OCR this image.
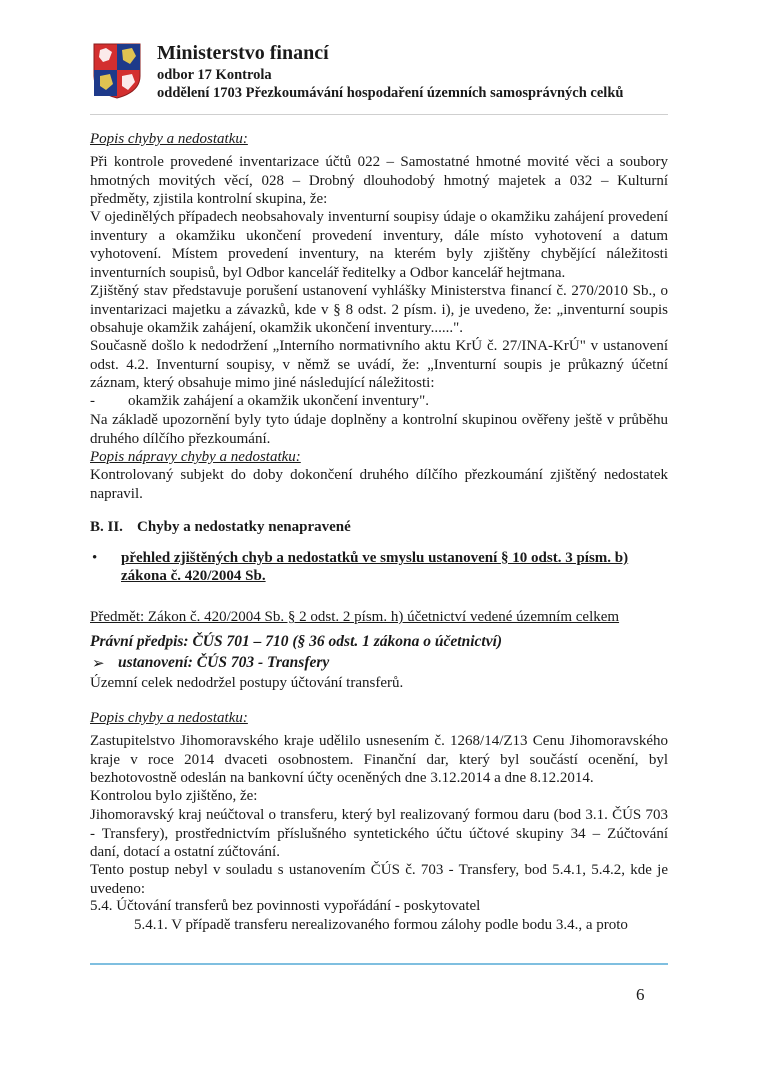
Ministerstvo financí
odbor 17 Kontrola
oddělení 1703 Přezkoumávání hospodaření územních samosprávných celků
Popis chyby a nedostatku:
Při kontrole provedené inventarizace účtů 022 – Samostatné hmotné movité věci a soubory hmotných movitých věcí, 028 – Drobný dlouhodobý hmotný majetek a 032 – Kulturní předměty, zjistila kontrolní skupina, že:
V ojedinělých případech neobsahovaly inventurní soupisy údaje o okamžiku zahájení provedení inventury a okamžiku ukončení provedení inventury, dále místo vyhotovení a datum vyhotovení. Místem provedení inventury, na kterém byly zjištěny chybějící náležitosti inventurních soupisů, byl Odbor kancelář ředitelky a Odbor kancelář hejtmana.
Zjištěný stav představuje porušení ustanovení vyhlášky Ministerstva financí č. 270/2010 Sb., o inventarizaci majetku a závazků, kde v § 8 odst. 2 písm. i), je uvedeno, že: „inventurní soupis obsahuje okamžik zahájení, okamžik ukončení inventury......".
Současně došlo k nedodržení „Interního normativního aktu KrÚ č. 27/INA-KrÚ" v ustanovení odst. 4.2. Inventurní soupisy, v němž se uvádí, že: „Inventurní soupis je průkazný účetní záznam, který obsahuje mimo jiné následující náležitosti:
- okamžik zahájení a okamžik ukončení inventury".
Na základě upozornění byly tyto údaje doplněny a kontrolní skupinou ověřeny ještě v průběhu druhého dílčího přezkoumání.
Popis nápravy chyby a nedostatku:
Kontrolovaný subjekt do doby dokončení druhého dílčího přezkoumání zjištěný nedostatek napravil.
B. II. Chyby a nedostatky nenapravené
• přehled zjištěných chyb a nedostatků ve smyslu ustanovení § 10 odst. 3 písm. b)
zákona č. 420/2004 Sb.
Předmět: Zákon č. 420/2004 Sb. § 2 odst. 2 písm. h) účetnictví vedené územním celkem
Právní předpis: ČÚS 701 – 710 (§ 36 odst. 1 zákona o účetnictví)
➢ ustanovení: ČÚS 703 - Transfery
Územní celek nedodržel postupy účtování transferů.
Popis chyby a nedostatku:
Zastupitelstvo Jihomoravského kraje udělilo usnesením č. 1268/14/Z13 Cenu Jihomoravského kraje v roce 2014 dvaceti osobnostem. Finanční dar, který byl součástí ocenění, byl bezhotovostně odeslán na bankovní účty oceněných dne 3.12.2014 a dne 8.12.2014.
Kontrolou bylo zjištěno, že:
Jihomoravský kraj neúčtoval o transferu, který byl realizovaný formou daru (bod 3.1. ČÚS 703 - Transfery), prostřednictvím příslušného syntetického účtu účtové skupiny 34 – Zúčtování daní, dotací a ostatní zúčtování.
Tento postup nebyl v souladu s ustanovením ČÚS č. 703 - Transfery, bod 5.4.1, 5.4.2, kde je uvedeno:
5.4. Účtování transferů bez povinnosti vypořádání - poskytovatel
5.4.1. V případě transferu nerealizovaného formou zálohy podle bodu 3.4., a proto
6
